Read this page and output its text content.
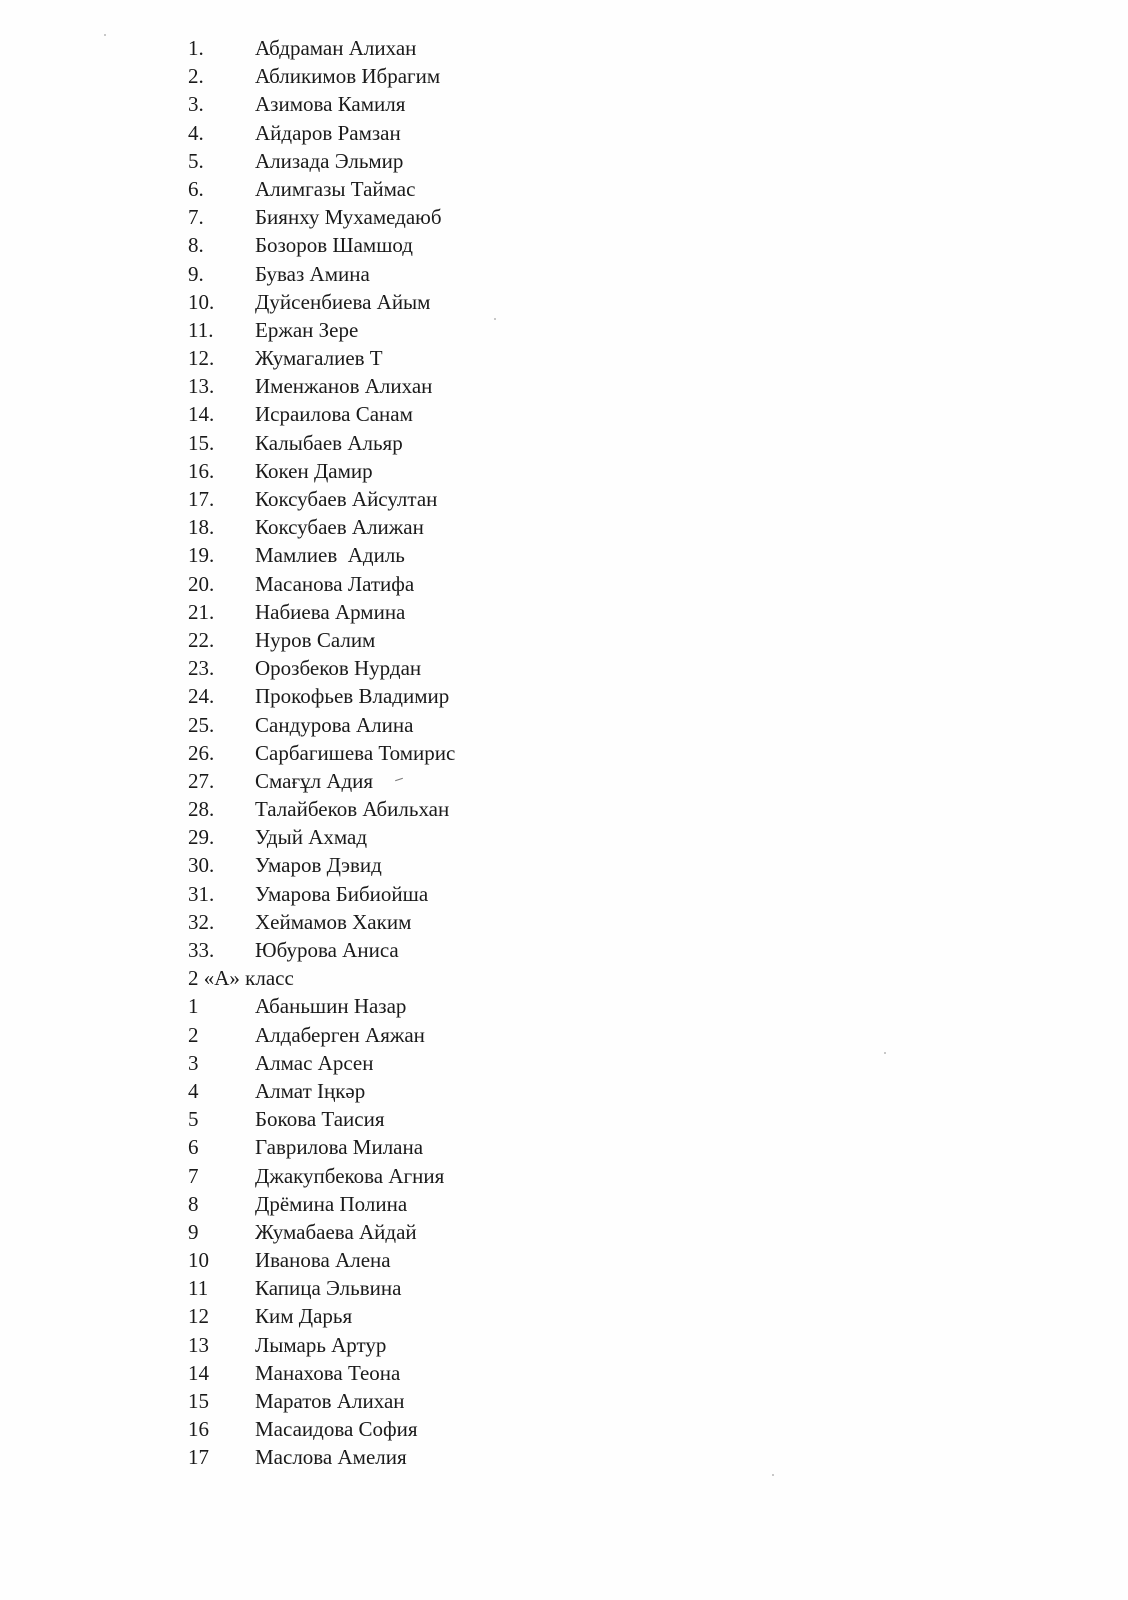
1. Абдраман Алихан
2. Абликимов Ибрагим
3. Азимова Камиля
4. Айдаров Рамзан
5. Ализада Эльмир
6. Алимгазы Таймас
7. Биянху Мухамедаюб
8. Бозоров Шамшод
9. Буваз Амина
10. Дуйсенбиева Айым
11. Ержан Зере
12. Жумагалиев Т
13. Именжанов Алихан
14. Исраилова Санам
15. Калыбаев Альяр
16. Кокен Дамир
17. Коксубаев Айсултан
18. Коксубаев Алижан
19. Мамлиев  Адиль
20. Масанова Латифа
21. Набиева Армина
22. Нуров Салим
23. Орозбеков Нурдан
24. Прокофьев Владимир
25. Сандурова Алина
26. Сарбагишева Томирис
27. Смағұл Адия
28. Талайбеков Абильхан
29. Удый Ахмад
30. Умаров Дэвид
31. Умарова Бибиойша
32. Хеймамов Хаким
33. Юбурова Аниса
2 «А» класс
1	Абаньшин Назар
2	Алдаберген Аяжан
3	Алмас Арсен
4	Алмат Іңкәр
5	Бокова Таисия
6	Гаврилова Милана
7	Джакупбекова Агния
8	Дрёмина Полина
9	Жумабаева Айдай
10 Иванова Алена
11 Капица Эльвина
12 Ким Дарья
13 Лымарь Артур
14 Манахова Теона
15 Маратов Алихан
16 Масаидова София
17 Маслова Амелия
